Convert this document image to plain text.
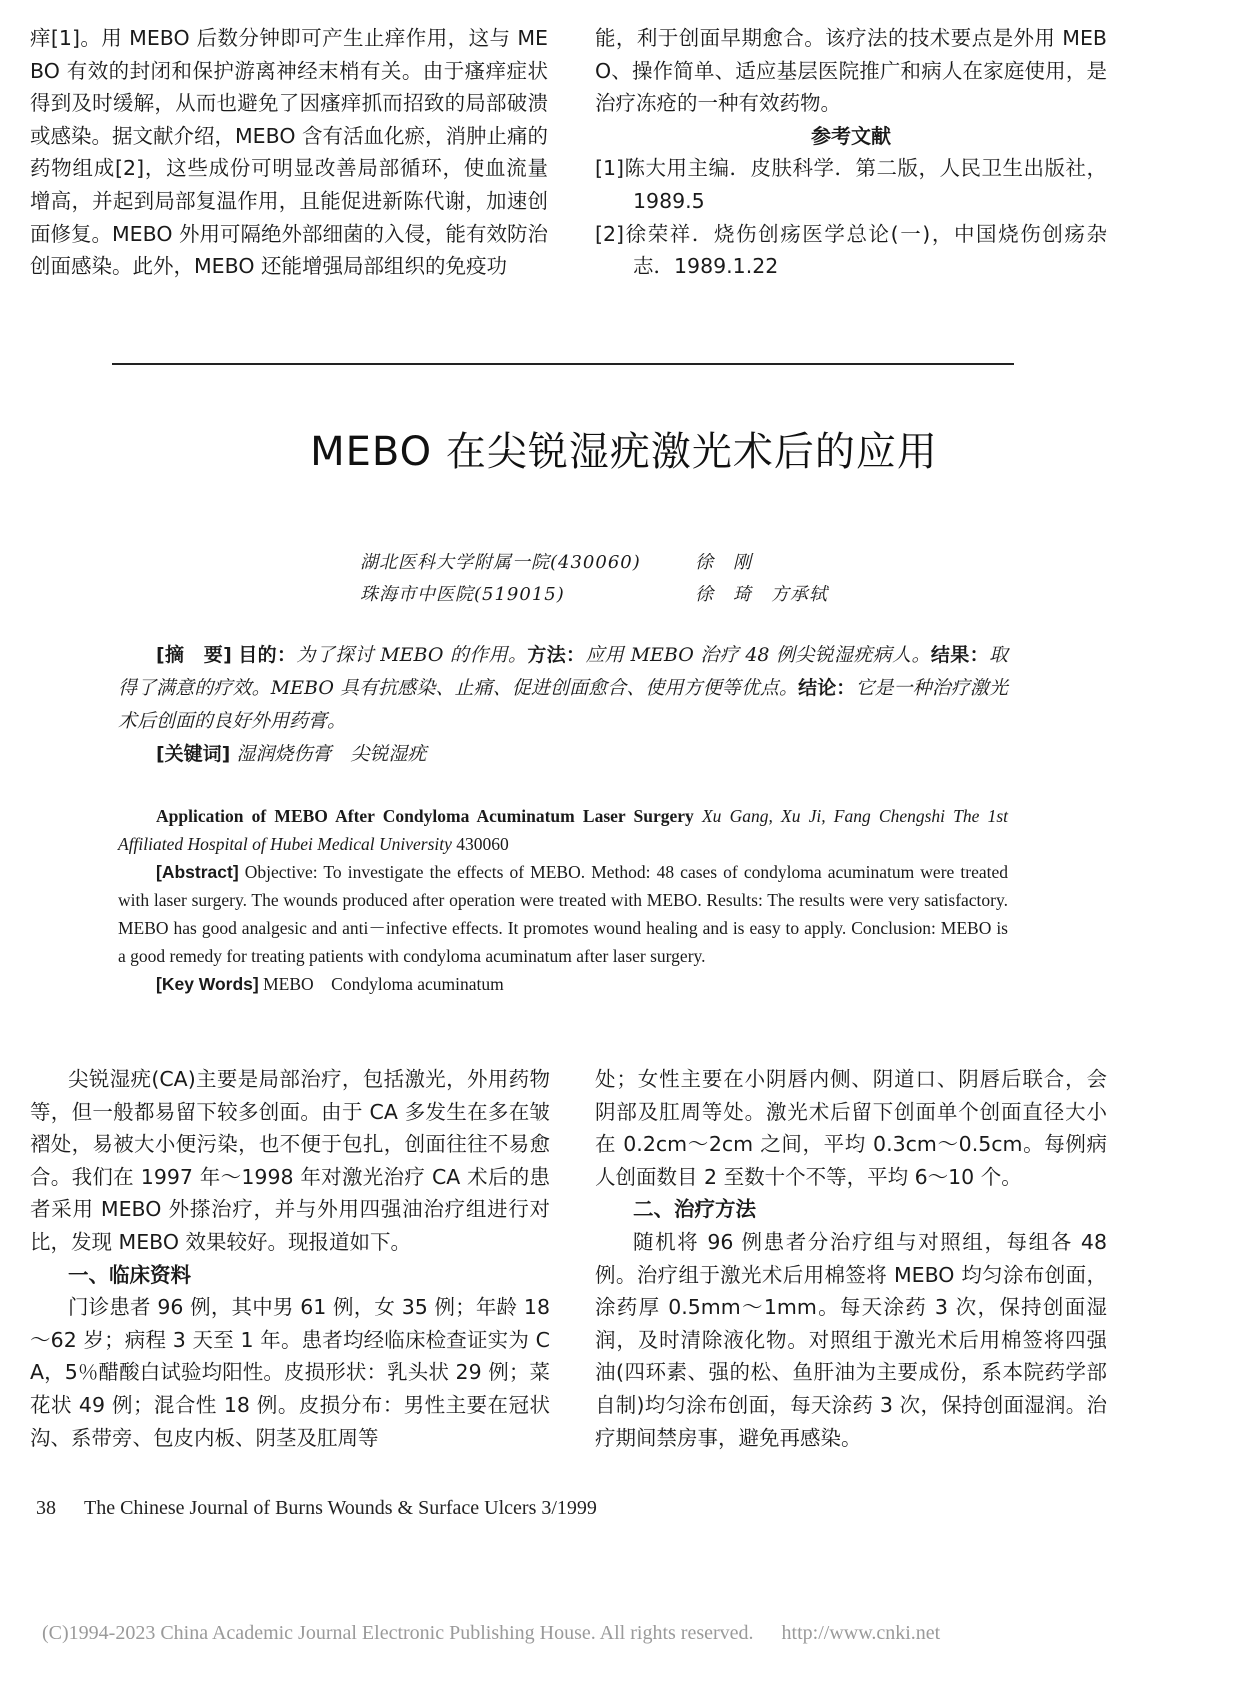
痒[1]。用 MEBO 后数分钟即可产生止痒作用，这与 MEBO 有效的封闭和保护游离神经末梢有关。由于瘙痒症状得到及时缓解，从而也避免了因瘙痒抓而招致的局部破溃或感染。据文献介绍，MEBO 含有活血化瘀，消肿止痛的药物组成[2]，这些成份可明显改善局部循环，使血流量增高，并起到局部复温作用，且能促进新陈代谢，加速创面修复。MEBO 外用可隔绝外部细菌的入侵，能有效防治创面感染。此外，MEBO 还能增强局部组织的免疫功

能，利于创面早期愈合。该疗法的技术要点是外用 MEBO、操作简单、适应基层医院推广和病人在家庭使用，是治疗冻疮的一种有效药物。

参考文献

[1]陈大用主编．皮肤科学．第二版，人民卫生出版社，1989.5

[2]徐荣祥．烧伤创疡医学总论(一)，中国烧伤创疡杂志．1989.1.22

MEBO 在尖锐湿疣激光术后的应用
湖北医科大学附属一院(430060)	徐　刚
珠海市中医院(519015)	徐　琦　方承轼

[摘　要] 目的：为了探讨 MEBO 的作用。方法：应用 MEBO 治疗 48 例尖锐湿疣病人。结果：取得了满意的疗效。MEBO 具有抗感染、止痛、促进创面愈合、使用方便等优点。结论：它是一种治疗激光术后创面的良好外用药膏。

[关键词] 湿润烧伤膏　尖锐湿疣

Application of MEBO After Condyloma Acuminatum Laser Surgery Xu Gang, Xu Ji, Fang Chengshi The 1st Affiliated Hospital of Hubei Medical University 430060

[Abstract] Objective: To investigate the effects of MEBO. Method: 48 cases of condyloma acuminatum were treated with laser surgery. The wounds produced after operation were treated with MEBO. Results: The results were very satisfactory. MEBO has good analgesic and anti－infective effects. It promotes wound healing and is easy to apply. Conclusion: MEBO is a good remedy for treating patients with condyloma acuminatum after laser surgery.

[Key Words] MEBO　Condyloma acuminatum

尖锐湿疣(CA)主要是局部治疗，包括激光，外用药物等，但一般都易留下较多创面。由于 CA 多发生在多在皱褶处，易被大小便污染，也不便于包扎，创面往往不易愈合。我们在 1997 年～1998 年对激光治疗 CA 术后的患者采用 MEBO 外搽治疗，并与外用四强油治疗组进行对比，发现 MEBO 效果较好。现报道如下。

一、临床资料

门诊患者 96 例，其中男 61 例，女 35 例；年龄 18～62 岁；病程 3 天至 1 年。患者均经临床检查证实为 CA，5％醋酸白试验均阳性。皮损形状：乳头状 29 例；菜花状 49 例；混合性 18 例。皮损分布：男性主要在冠状沟、系带旁、包皮内板、阴茎及肛周等

处；女性主要在小阴唇内侧、阴道口、阴唇后联合，会阴部及肛周等处。激光术后留下创面单个创面直径大小在 0.2cm～2cm 之间，平均 0.3cm～0.5cm。每例病人创面数目 2 至数十个不等，平均 6～10 个。

二、治疗方法

随机将 96 例患者分治疗组与对照组，每组各 48 例。治疗组于激光术后用棉签将 MEBO 均匀涂布创面，涂药厚 0.5mm～1mm。每天涂药 3 次，保持创面湿润，及时清除液化物。对照组于激光术后用棉签将四强油(四环素、强的松、鱼肝油为主要成份，系本院药学部自制)均匀涂布创面，每天涂药 3 次，保持创面湿润。治疗期间禁房事，避免再感染。

38 The Chinese Journal of Burns Wounds & Surface Ulcers 3/1999
(C)1994-2023 China Academic Journal Electronic Publishing House. All rights reserved. http://www.cnki.net
